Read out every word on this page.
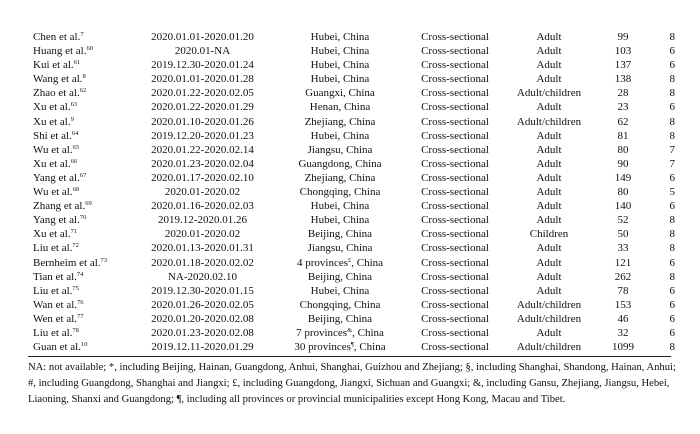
Chen et al.$^7$	2020.01.01-2020.01.20	Hubei, China	Cross-sectional	Adult	99	8
Huang et al.$^{60}$	2020.01-NA	Hubei, China	Cross-sectional	Adult	103	6
Kui et al.$^{61}$	2019.12.30-2020.01.24	Hubei, China	Cross-sectional	Adult	137	6
Wang et al.$^8$	2020.01.01-2020.01.28	Hubei, China	Cross-sectional	Adult	138	8
Zhao et al.$^{62}$	2020.01.22-2020.02.05	Guangxi, China	Cross-sectional	Adult/children	28	8
Xu et al.$^{63}$	2020.01.22-2020.01.29	Henan, China	Cross-sectional	Adult	23	6
Xu et al.$^9$	2020.01.10-2020.01.26	Zhejiang, China	Cross-sectional	Adult/children	62	8
Shi et al.$^{64}$	2019.12.20-2020.01.23	Hubei, China	Cross-sectional	Adult	81	8
Wu et al.$^{65}$	2020.01.22-2020.02.14	Jiangsu, China	Cross-sectional	Adult	80	7
Xu et al.$^{66}$	2020.01.23-2020.02.04	Guangdong, China	Cross-sectional	Adult	90	7
Yang et al.$^{67}$	2020.01.17-2020.02.10	Zhejiang, China	Cross-sectional	Adult	149	6
Wu et al.$^{68}$	2020.01-2020.02	Chongqing, China	Cross-sectional	Adult	80	5
Zhang et al.$^{69}$	2020.01.16-2020.02.03	Hubei, China	Cross-sectional	Adult	140	6
Yang et al.$^{70}$	2019.12-2020.01.26	Hubei, China	Cross-sectional	Adult	52	8
Xu et al.$^{71}$	2020.01-2020.02	Beijing, China	Cross-sectional	Children	50	8
Liu et al.$^{72}$	2020.01.13-2020.01.31	Jiangsu, China	Cross-sectional	Adult	33	8
Bernheim et al.$^{73}$	2020.01.18-2020.02.02	4 provinces£, China	Cross-sectional	Adult	121	6
Tian et al.$^{74}$	NA-2020.02.10	Beijing, China	Cross-sectional	Adult	262	8
Liu et al.$^{75}$	2019.12.30-2020.01.15	Hubei, China	Cross-sectional	Adult	78	6
Wan et al.$^{76}$	2020.01.26-2020.02.05	Chongqing, China	Cross-sectional	Adult/children	153	6
Wen et al.$^{77}$	2020.01.20-2020.02.08	Beijing, China	Cross-sectional	Adult/children	46	6
Liu et al.$^{78}$	2020.01.23-2020.02.08	7 provinces&, China	Cross-sectional	Adult	32	6
Guan et al.$^{10}$	2019.12.11-2020.01.29	30 provinces¶, China	Cross-sectional	Adult/children	1099	8

NA: not available; *, including Beijing, Hainan, Guangdong, Anhui, Shanghai, Guizhou and Zhejiang; §, including Shanghai, Shandong, Hainan, Anhui; #, including Guangdong, Shanghai and Jiangxi; £, including Guangdong, Jiangxi, Sichuan and Guangxi; &, including Gansu, Zhejiang, Jiangsu, Hebei, Liaoning, Shanxi and Guangdong; ¶, including all provinces or provincial municipalities except Hong Kong, Macau and Tibet.
